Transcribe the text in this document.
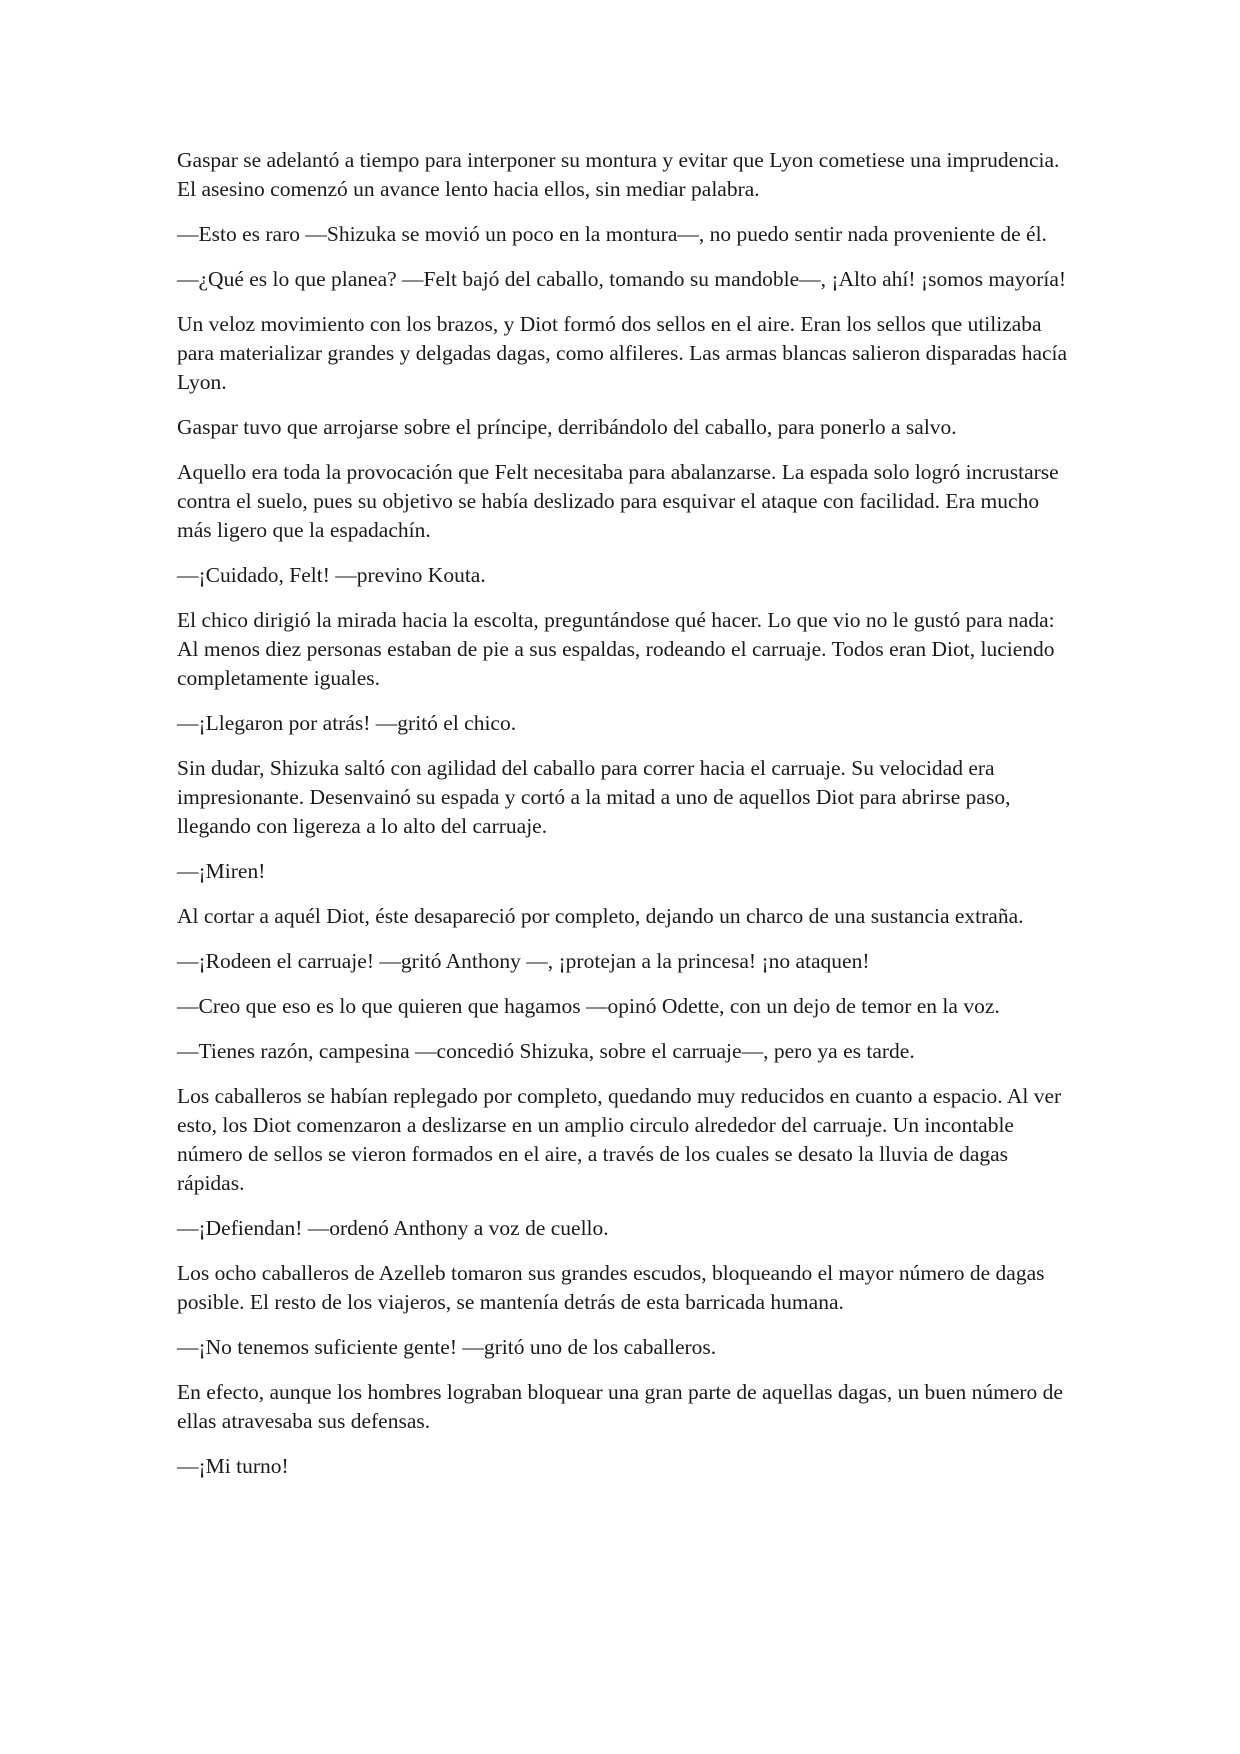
Gaspar se adelantó a tiempo para interponer su montura y evitar que Lyon cometiese una imprudencia. El asesino comenzó un avance lento hacia ellos, sin mediar palabra.

—Esto es raro —Shizuka se movió un poco en la montura—, no puedo sentir nada proveniente de él.

—¿Qué es lo que planea? —Felt bajó del caballo, tomando su mandoble—, ¡Alto ahí! ¡somos mayoría!

Un veloz movimiento con los brazos, y Diot formó dos sellos en el aire. Eran los sellos que utilizaba para materializar grandes y delgadas dagas, como alfileres. Las armas blancas salieron disparadas hacía Lyon.

Gaspar tuvo que arrojarse sobre el príncipe, derribándolo del caballo, para ponerlo a salvo.

Aquello era toda la provocación que Felt necesitaba para abalanzarse. La espada solo logró incrustarse contra el suelo, pues su objetivo se había deslizado para esquivar el ataque con facilidad. Era mucho más ligero que la espadachín.

—¡Cuidado, Felt! —previno Kouta.

El chico dirigió la mirada hacia la escolta, preguntándose qué hacer. Lo que vio no le gustó para nada: Al menos diez personas estaban de pie a sus espaldas, rodeando el carruaje. Todos eran Diot, luciendo completamente iguales.

—¡Llegaron por atrás! —gritó el chico.

Sin dudar, Shizuka saltó con agilidad del caballo para correr hacia el carruaje. Su velocidad era impresionante. Desenvainó su espada y cortó a la mitad a uno de aquellos Diot para abrirse paso, llegando con ligereza a lo alto del carruaje.

—¡Miren!

Al cortar a aquél Diot, éste desapareció por completo, dejando un charco de una sustancia extraña.

—¡Rodeen el carruaje! —gritó Anthony —, ¡protejan a la princesa! ¡no ataquen!

—Creo que eso es lo que quieren que hagamos —opinó Odette, con un dejo de temor en la voz.

—Tienes razón, campesina —concedió Shizuka, sobre el carruaje—, pero ya es tarde.

Los caballeros se habían replegado por completo, quedando muy reducidos en cuanto a espacio. Al ver esto, los Diot comenzaron a deslizarse en un amplio circulo alrededor del carruaje. Un incontable número de sellos se vieron formados en el aire, a través de los cuales se desato la lluvia de dagas rápidas.

—¡Defiendan! —ordenó Anthony a voz de cuello.

Los ocho caballeros de Azelleb tomaron sus grandes escudos, bloqueando el mayor número de dagas posible. El resto de los viajeros, se mantenía detrás de esta barricada humana.

—¡No tenemos suficiente gente! —gritó uno de los caballeros.

En efecto, aunque los hombres lograban bloquear una gran parte de aquellas dagas, un buen número de ellas atravesaba sus defensas.

—¡Mi turno!
